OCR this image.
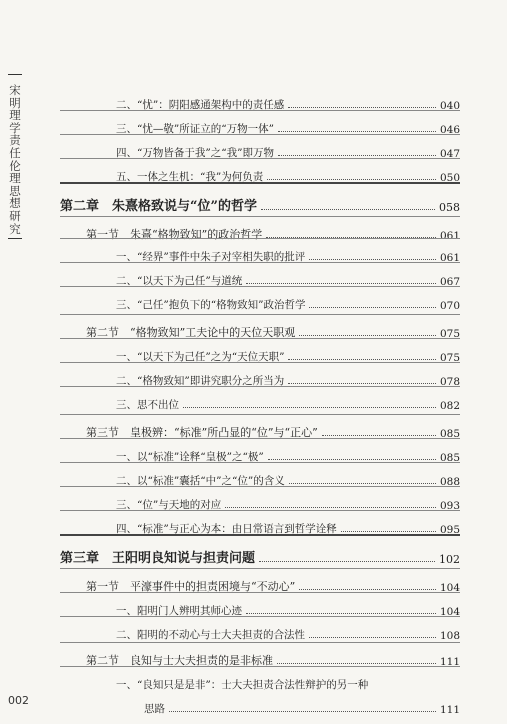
宋明理学责任伦理思想研究
二、“忧”：阴阳感通架构中的责任感	040
三、“忧—敬”所证立的“万物一体”	046
四、“万物皆备于我”之“我”即万物	047
五、一体之生机：“我”为何负责	050
第二章　朱熹格致说与“位”的哲学	058
第一节　朱熹“格物致知”的政治哲学	061
一、“经界”事件中朱子对宰相失职的批评	061
二、“以天下为己任”与道统	067
三、“己任”抱负下的“格物致知”政治哲学	070
第二节　“格物致知”工夫论中的天位天职观	075
一、“以天下为己任”之为“天位天职”	075
二、“格物致知”即讲究职分之所当为	078
三、思不出位	082
第三节　皇极辨：“标准”所凸显的“位”与“正心”	085
一、以“标准”诠释“皇极”之“极”	085
二、以“标准”囊括“中”之“位”的含义	088
三、“位”与天地的对应	093
四、“标准”与正心为本：由日常语言到哲学诠释	095
第三章　王阳明良知说与担责问题	102
第一节　平濠事件中的担责困境与“不动心”	104
一、阳明门人辨明其师心迹	104
二、阳明的不动心与士大夫担责的合法性	108
第二节　良知与士大夫担责的是非标准	111
一、“良知只是是非”：士大夫担责合法性辩护的另一种
思路	111
002
